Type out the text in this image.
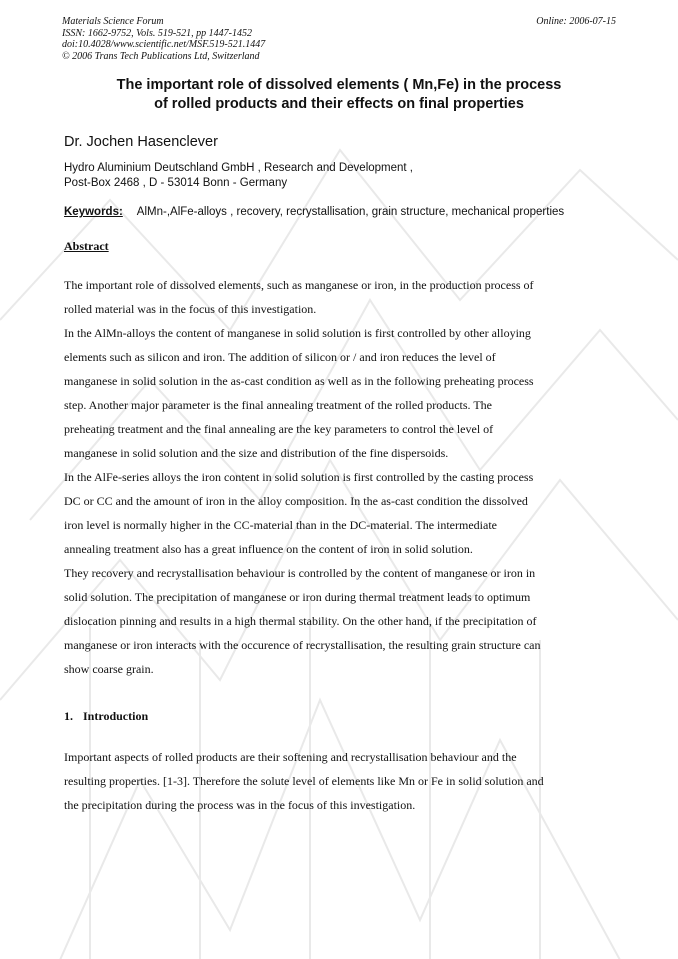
Materials Science Forum
ISSN: 1662-9752, Vols. 519-521, pp 1447-1452
doi:10.4028/www.scientific.net/MSF.519-521.1447
© 2006 Trans Tech Publications Ltd, Switzerland
Online: 2006-07-15
The important role of dissolved elements ( Mn,Fe) in the process
of rolled products and their effects on final properties
Dr. Jochen Hasenclever
Hydro Aluminium Deutschland GmbH , Research and Development ,
Post-Box 2468 , D - 53014 Bonn - Germany
Keywords: AlMn-,AlFe-alloys , recovery, recrystallisation, grain structure, mechanical properties
Abstract
The important role of dissolved elements, such as manganese or iron, in the production process of
rolled material was in the focus of this investigation.
In the AlMn-alloys the content of manganese in solid solution is first controlled by other alloying
elements such as silicon and iron. The addition of silicon or / and iron reduces the level of
manganese in solid solution in the as-cast condition as well as in the following preheating process
step. Another major parameter is the final annealing treatment of the rolled products. The
preheating treatment and the final annealing are the key parameters to control the level of
manganese in solid solution and the size and distribution of the fine dispersoids.
In the AlFe-series alloys the iron content in solid solution is first controlled by the casting process
DC or CC and the amount of iron in the alloy composition. In the as-cast condition the dissolved
iron level is normally higher in the CC-material than in the DC-material. The intermediate
annealing treatment also has a great influence on the content of iron in solid solution.
They recovery and recrystallisation behaviour is controlled by the content of manganese or iron in
solid solution. The precipitation of manganese or iron during thermal treatment leads to optimum
dislocation pinning and results in a high thermal stability. On the other hand, if the precipitation of
manganese or iron interacts with the occurence of recrystallisation, the resulting grain structure can
show coarse grain.
1. Introduction
Important aspects of rolled products are their softening and recrystallisation behaviour and the
resulting properties. [1-3]. Therefore the solute level of elements like Mn or Fe in solid solution and
the precipitation during the process was in the focus of this investigation.
